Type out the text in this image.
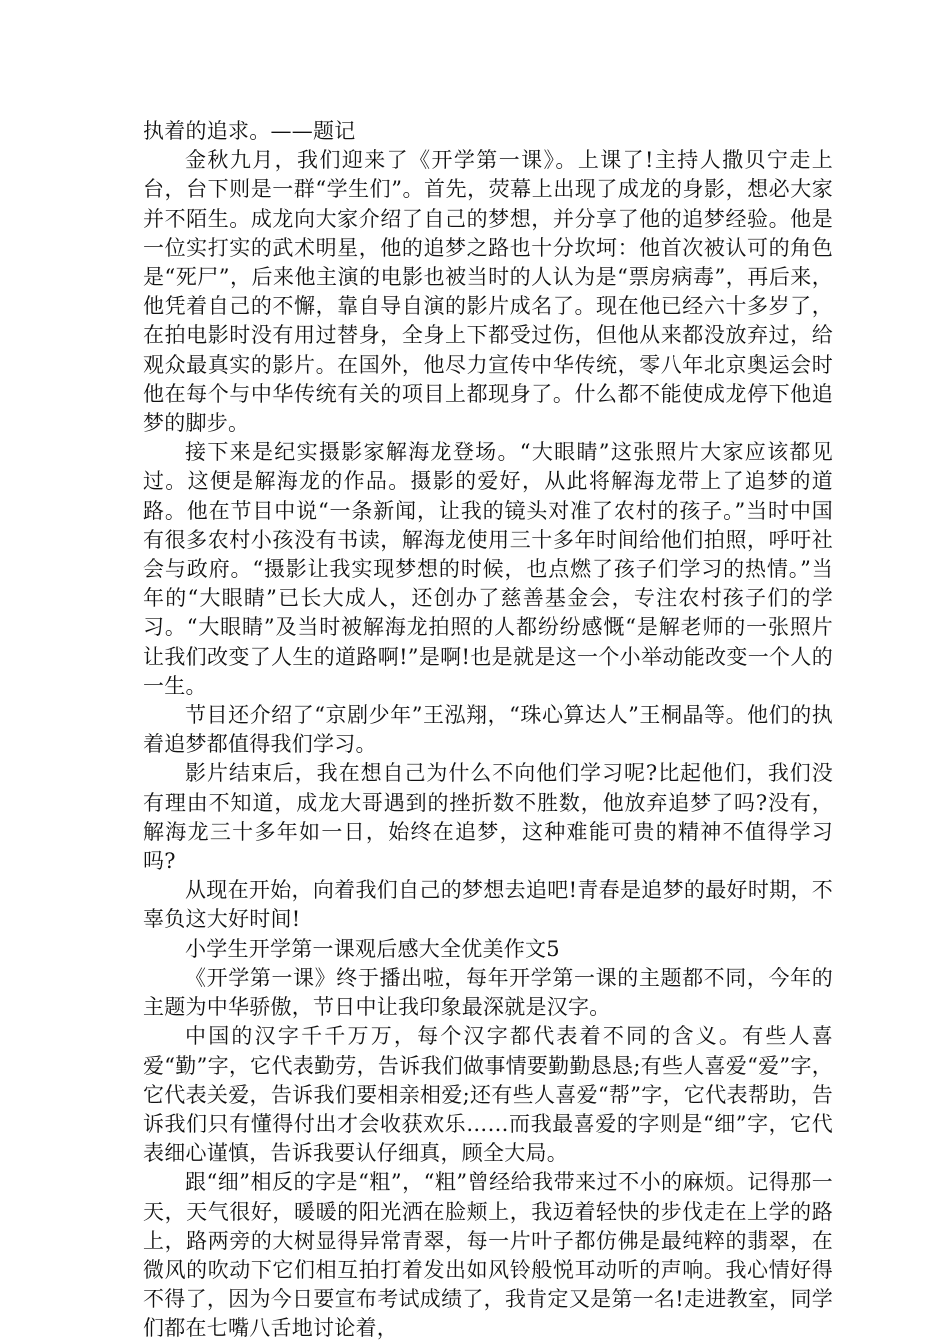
执着的追求。——题记

金秋九月，我们迎来了《开学第一课》。上课了!主持人撒贝宁走上台，台下则是一群“学生们”。首先，荧幕上出现了成龙的身影，想必大家并不陌生。成龙向大家介绍了自己的梦想，并分享了他的追梦经验。他是一位实打实的武术明星，他的追梦之路也十分坎坷：他首次被认可的角色是“死尸”，后来他主演的电影也被当时的人认为是“票房病毒”，再后来，他凭着自己的不懈，靠自导自演的影片成名了。现在他已经六十多岁了，在拍电影时没有用过替身，全身上下都受过伤，但他从来都没放弃过，给观众最真实的影片。在国外，他尽力宣传中华传统，零八年北京奥运会时他在每个与中华传统有关的项目上都现身了。什么都不能使成龙停下他追梦的脚步。

接下来是纪实摄影家解海龙登场。“大眼睛”这张照片大家应该都见过。这便是解海龙的作品。摄影的爱好，从此将解海龙带上了追梦的道路。他在节目中说“一条新闻，让我的镜头对准了农村的孩子。”当时中国有很多农村小孩没有书读，解海龙使用三十多年时间给他们拍照，呼吁社会与政府。“摄影让我实现梦想的时候，也点燃了孩子们学习的热情。”当年的“大眼睛”已长大成人，还创办了慈善基金会，专注农村孩子们的学习。“大眼睛”及当时被解海龙拍照的人都纷纷感慨“是解老师的一张照片让我们改变了人生的道路啊!”是啊!也是就是这一个小举动能改变一个人的一生。

节目还介绍了“京剧少年”王泓翔，“珠心算达人”王桐晶等。他们的执着追梦都值得我们学习。

影片结束后，我在想自己为什么不向他们学习呢?比起他们，我们没有理由不知道，成龙大哥遇到的挫折数不胜数，他放弃追梦了吗?没有，解海龙三十多年如一日，始终在追梦，这种难能可贵的精神不值得学习吗?

从现在开始，向着我们自己的梦想去追吧!青春是追梦的最好时期，不辜负这大好时间!

小学生开学第一课观后感大全优美作文5

《开学第一课》终于播出啦，每年开学第一课的主题都不同，今年的主题为中华骄傲，节日中让我印象最深就是汉字。

中国的汉字千千万万，每个汉字都代表着不同的含义。有些人喜爱“勤”字，它代表勤劳，告诉我们做事情要勤勤恳恳;有些人喜爱“爱”字，它代表关爱，告诉我们要相亲相爱;还有些人喜爱“帮”字，它代表帮助，告诉我们只有懂得付出才会收获欢乐……而我最喜爱的字则是“细”字，它代表细心谨慎，告诉我要认仔细真，顾全大局。

跟“细”相反的字是“粗”，“粗”曾经给我带来过不小的麻烦。记得那一天，天气很好，暖暖的阳光洒在脸颊上，我迈着轻快的步伐走在上学的路上，路两旁的大树显得异常青翠，每一片叶子都仿佛是最纯粹的翡翠，在微风的吹动下它们相互拍打着发出如风铃般悦耳动听的声响。我心情好得不得了，因为今日要宣布考试成绩了，我肯定又是第一名!走进教室，同学们都在七嘴八舌地讨论着，
